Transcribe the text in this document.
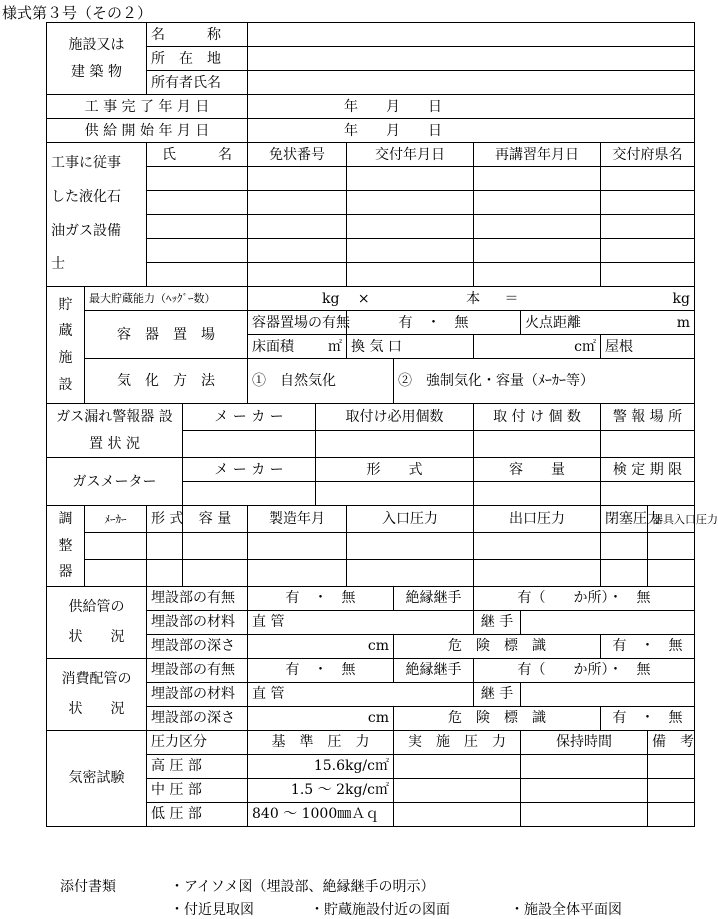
様式第３号（その２）
施設又は
建 築 物		名　　　称									
		所　在　地									
		所有者氏名									
工 事 完 了 年 月 日				年　　月　　日							
供 給 開 始 年 月 日				年　　月　　日							

工事に従事
した液化石
油ガス設備
士		氏　　　名		免状番号		交付年月日		再講習年月日		交付府県名	

貯
蔵
施
設	最大貯蔵能力（ﾍｯｸﾞｰ数）			kg × 本 ＝ kg							

	容　器　置　場			容器置場の有無		有　・　無			火点距離 m		

				床面積 ㎡		換 気 口		c㎡		屋根	
	気　化　方　法			①　自然気化			②　強制気化・容量（ﾒｰｶｰ等）				

ガス漏れ警報器 設 置 状 況			メ ー カ ー		取付け必用個数			取 付 け 個 数		警 報 場 所	

ガスメーター			メ ー カ ー		形　　式			容　　量		検 定 期 限	

調
整
器	ﾒｰｶｰ	形 式	容 量	製造年月		入口圧力		出口圧力		閉塞圧力	器具入口圧力

供給管の
状　　況		埋設部の有無		有　・　無			絶縁継手	有（　　か所）・　無			
		埋設部の材料		直 管				継 手			
		埋設部の深さ		cm			危　険　標　識			有　・　無	
消費配管の
状　　況		埋設部の有無		有　・　無			絶縁継手	有（　　か所）・　無			
		埋設部の材料		直 管				継 手			
		埋設部の深さ		cm			危　険　標　識			有　・　無	
気密試験		圧力区分		基　準　圧　力			実　施　圧　力		保持時間		備　考
		高 圧 部		15.6kg/c㎡							
		中 圧 部		1.5 ～ 2kg/c㎡							
		低 圧 部		840 ～ 1000㎜Ａｑ							
添付書類	・アイソメ図（埋設部、絶縁継手の明示）
・付近見取図	・貯蔵施設付近の図面	・施設全体平面図
